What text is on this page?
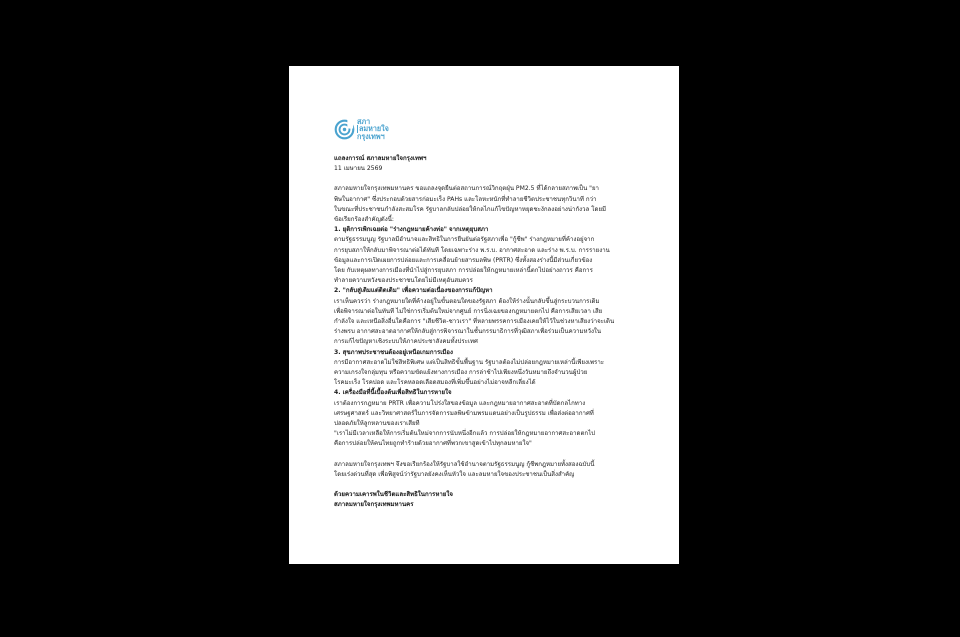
สภา
ลมหายใจ
กรุงเทพฯ

แถลงการณ์ สภาลมหายใจกรุงเทพฯ

11 เมษายน 2569

สภาลมหายใจกรุงเทพมหานคร ขอแถลงจุดยืนต่อสถานการณ์วิกฤตฝุ่น PM2.5 ที่ได้กลายสภาพเป็น "ยา

พิษในอากาศ" ซึ่งประกอบด้วยสารก่อมะเร็ง PAHs และโลหะหนักที่ทำลายชีวิตประชาชนทุกวินาที กว่า

ในขณะที่ประชาชนกำลังสะสมโรค รัฐบาลกลับปล่อยให้กลไกแก้ไขปัญหาหยุดชะงักลงอย่างน่ากังวล โดยมี

ข้อเรียกร้องสำคัญดังนี้:

1. ยุติการเพิกเฉยต่อ "ร่างกฎหมายค้างท่อ" จากเหตุยุบสภา

ตามรัฐธรรมนูญ รัฐบาลมีอำนาจและสิทธิในการยืนยันต่อรัฐสภาเพื่อ "กู้ชีพ" ร่างกฎหมายที่ค้างอยู่จาก

การยุบสภาให้กลับมาพิจารณาต่อได้ทันที โดยเฉพาะร่าง พ.ร.บ. อากาศสะอาด และร่าง พ.ร.บ. การรายงาน

ข้อมูลและการเปิดเผยการปล่อยและการเคลื่อนย้ายสารมลพิษ (PRTR) ซึ่งทั้งสองร่างนี้มีส่วนเกี่ยวข้อง

โดย กับเหตุผลทางการเมืองที่นำไปสู่การยุบสภา การปล่อยให้กฎหมายเหล่านี้ตกไปอย่างถาวร คือการ

ทำลายความหวังของประชาชนโดยไม่มีเหตุอันสมควร

2. "กลับสู่เดิมแต่ติดเดิม" เพื่อความต่อเนื่องของการแก้ปัญหา

เราเห็นควรว่า ร่างกฎหมายใดที่ค้างอยู่ในขั้นตอนใดของรัฐสภา ต้องให้ร่างนั้นกลับขึ้นสู่กระบวนการเดิม

เพื่อพิจารณาต่อในทันที ไม่ใช่การเริ่มต้นใหม่จากศูนย์ การนิ่งเฉยของกฎหมายตกไป คือการเสียเวลา เสีย

กำลังใจ และเหนือสิ่งอื่นใดคือการ "เสียชีวิต-ชาวเรา" ที่หลายพรรคการเมืองเคยให้ไว้ในช่วงหาเสียงว่าจะเดิน

ร่างพรบ อากาศสะอาดอากาศให้กลับสู่การพิจารณาในชั้นกรรมาธิการที่วุฒิสภาเพื่อร่วมเป็นความหวังใน

การแก้ไขปัญหาเชิงระบบให้ภาคประชาสังคมทั้งประเทศ

3. สุขภาพประชาชนต้องอยู่เหนือเกมการเมือง

การมีอากาศสะอาดไม่ใช่สิทธิพิเศษ แต่เป็นสิทธิขั้นพื้นฐาน รัฐบาลต้องไม่ปล่อยกฎหมายเหล่านี้เพียงเพราะ

ความเกรงใจกลุ่มทุน หรือความขัดแย้งทางการเมือง การล่าช้าไปเพียงหนึ่งวันหมายถึงจำนวนผู้ป่วย

โรคมะเร็ง โรคปอด และโรคหลอดเลือดสมองที่เพิ่มขึ้นอย่างไม่อาจหลีกเลี่ยงได้

4. เครื่องมือที่นี้เบื้องต้นเพื่อสิทธิในการหายใจ

เราต้องการกฎหมาย PRTR เพื่อความโปร่งใสของข้อมูล และกฎหมายอากาศสะอาดที่บัดกลไกทาง

เศรษฐศาสตร์ และวิทยาศาสตร์ในการจัดการมลพิษข้ามพรมแดนอย่างเป็นรูปธรรม เพื่อส่งต่ออากาศที่

ปลอดภัยให้ลูกหลานของเราเสียที

"เราไม่มีเวลาเหลือให้การเริ่มต้นใหม่จากการนับหนึ่งอีกแล้ว การปล่อยให้กฎหมายอากาศสะอาดตกไป

คือการปล่อยให้คนไทยถูกทำร้ายด้วยอากาศที่พวกเขาสูดเข้าไปทุกลมหายใจ"

สภาลมหายใจกรุงเทพฯ จึงขอเรียกร้องให้รัฐบาลใช้อำนาจตามรัฐธรรมนูญ กู้ชีพกฎหมายทั้งสองฉบับนี้

โดยเร่งด่วนที่สุด เพื่อพิสูจน์ว่ารัฐบาลยังคงเห็นหัวใจ และลมหายใจของประชาชนเป็นสิ่งสำคัญ

ด้วยความเคารพในชีวิตและสิทธิในการหายใจ

สภาลมหายใจกรุงเทพมหานคร
